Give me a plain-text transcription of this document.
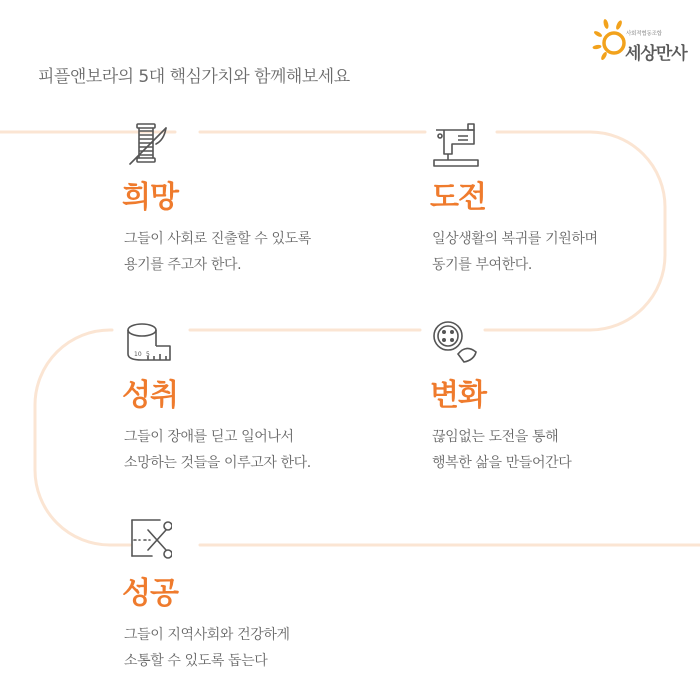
피플앤보라의 5대 핵심가치와 함께해보세요
사회적협동조합
세상만사
희망
그들이 사회로 진출할 수 있도록
용기를 주고자 한다.
도전
일상생활의 복귀를 기원하며
동기를 부여한다.
10 5
성취
그들이 장애를 딛고 일어나서
소망하는 것들을 이루고자 한다.
변화
끊임없는 도전을 통해
행복한 삶을 만들어간다
성공
그들이 지역사회와 건강하게
소통할 수 있도록 돕는다
